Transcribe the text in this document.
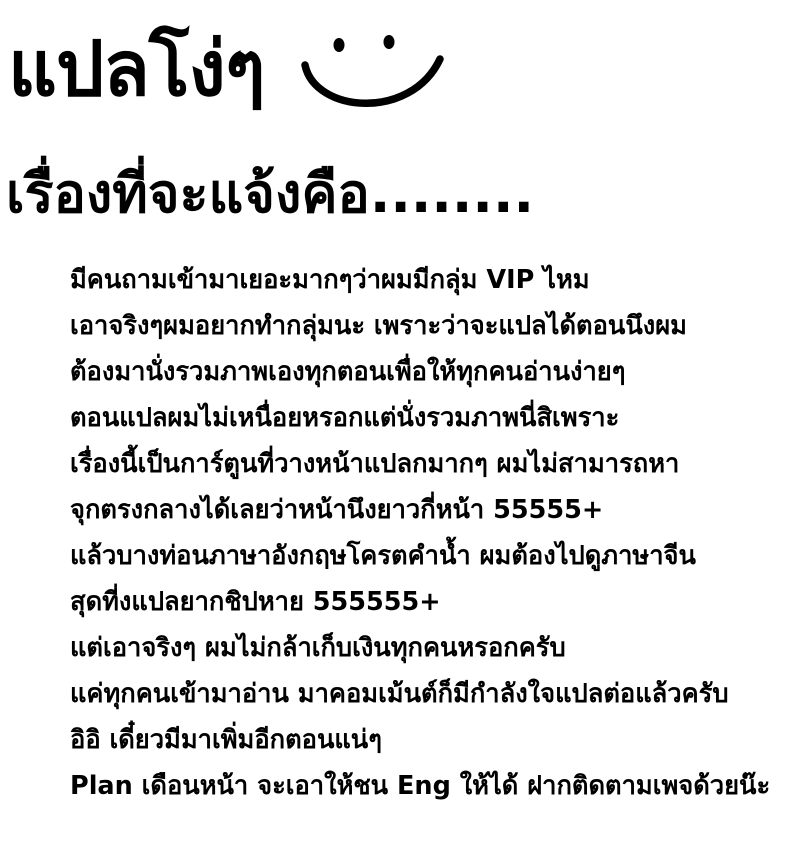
แปลโง่ๆ
เรื่องที่จะแจ้งคือ........
มีคนถามเข้ามาเยอะมากๆว่าผมมีกลุ่ม VIP ไหม
เอาจริงๆผมอยากทำกลุ่มนะ เพราะว่าจะแปลได้ตอนนึงผม
ต้องมานั่งรวมภาพเองทุกตอนเพื่อให้ทุกคนอ่านง่ายๆ
ตอนแปลผมไม่เหนื่อยหรอกแต่นั่งรวมภาพนี่สิเพราะ
เรื่องนี้เป็นการ์ตูนที่วางหน้าแปลกมากๆ ผมไม่สามารถหา
จุกตรงกลางได้เลยว่าหน้านึงยาวกี่หน้า 55555+
แล้วบางท่อนภาษาอังกฤษโครตคำน้ำ ผมต้องไปดูภาษาจีน
สุดที่งแปลยากชิปหาย 555555+
แต่เอาจริงๆ ผมไม่กล้าเก็บเงินทุกคนหรอกครับ
แค่ทุกคนเข้ามาอ่าน มาคอมเม้นต์ก็มีกำลังใจแปลต่อแล้วครับ
อิอิ เดี๋ยวมีมาเพิ่มอีกตอนแน่ๆ
Plan เดือนหน้า จะเอาให้ชน Eng ให้ได้ ฝากติดตามเพจด้วยน๊ะ
